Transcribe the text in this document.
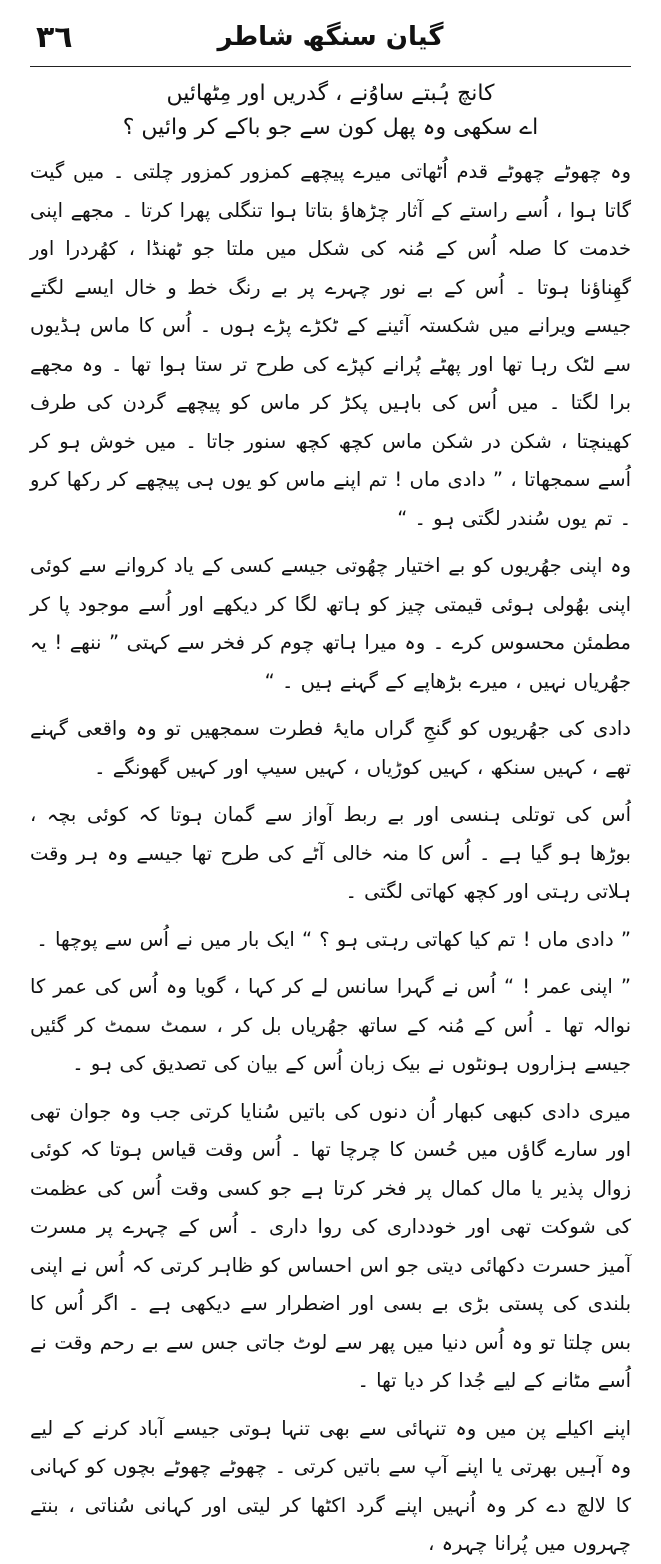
٣٦	گیان سنگھ شاطر

کانچ ہُبتے ساوُنے ، گدریں اور مِٹھائیں

اے سکھی وہ پھل کون سے جو باکے کر وائیں ؟

وہ چھوٹے چھوٹے قدم اُٹھاتی میرے پیچھے کمزور کمزور چلتی ۔ میں گیت گاتا ہوا ، اُسے راستے کے آثار چڑھاؤ بتاتا ہوا تنگلی پھرا کرتا ۔ مجھے اپنی خدمت کا صلہ اُس کے مُنہ کی شکل میں ملتا جو ٹھنڈا ، کھُردرا اور گھِناؤنا ہوتا ۔ اُس کے بے نور چہرے پر بے رنگ خط و خال ایسے لگتے جیسے ویرانے میں شکستہ آئینے کے ٹکڑے پڑے ہوں ۔ اُس کا ماس ہڈیوں سے لٹک رہا تھا اور پھٹے پُرانے کپڑے کی طرح تر ستا ہوا تھا ۔ وہ مجھے برا لگتا ۔ میں اُس کی باہیں پکڑ کر ماس کو پیچھے گردن کی طرف کھینچتا ، شکن در شکن ماس کچھ کچھ سنور جاتا ۔ میں خوش ہو کر اُسے سمجھاتا ، ” دادی ماں ! تم اپنے ماس کو یوں ہی پیچھے کر رکھا کرو ۔ تم یوں سُندر لگتی ہو ۔ “

وہ اپنی جھُریوں کو بے اختیار چھُوتی جیسے کسی کے یاد کروانے سے کوئی اپنی بھُولی ہوئی قیمتی چیز کو ہاتھ لگا کر دیکھے اور اُسے موجود پا کر مطمئن محسوس کرے ۔ وہ میرا ہاتھ چوم کر فخر سے کہتی ” ننھے ! یہ جھُریاں نہیں ، میرے بڑھاپے کے گہنے ہیں ۔ “

دادی کی جھُریوں کو گنجِ گراں مایۂ فطرت سمجھیں تو وہ واقعی گہنے تھے ، کہیں سنکھ ، کہیں کوڑیاں ، کہیں سیپ اور کہیں گھونگے ۔

اُس کی توتلی ہنسی اور بے ربط آواز سے گمان ہوتا کہ کوئی بچہ ، بوڑھا ہو گیا ہے ۔ اُس کا منہ خالی آٹے کی طرح تھا جیسے وہ ہر وقت ہلاتی رہتی اور کچھ کھاتی لگتی ۔

” دادی ماں ! تم کیا کھاتی رہتی ہو ؟ “ ایک بار میں نے اُس سے پوچھا ۔

” اپنی عمر ! “ اُس نے گہرا سانس لے کر کہا ، گویا وہ اُس کی عمر کا نوالہ تھا ۔ اُس کے مُنہ کے ساتھ جھُریاں بل کر ، سمٹ سمٹ کر گئیں جیسے ہزاروں ہونٹوں نے بیک زبان اُس کے بیان کی تصدیق کی ہو ۔

میری دادی کبھی کبھار اُن دنوں کی باتیں سُنایا کرتی جب وہ جوان تھی اور سارے گاؤں میں حُسن کا چرچا تھا ۔ اُس وقت قیاس ہوتا کہ کوئی زوال پذیر یا مال کمال پر فخر کرتا ہے جو کسی وقت اُس کی عظمت کی شوکت تھی اور خودداری کی روا داری ۔ اُس کے چہرے پر مسرت آمیز حسرت دکھائی دیتی جو اس احساس کو ظاہر کرتی کہ اُس نے اپنی بلندی کی پستی بڑی بے بسی اور اضطرار سے دیکھی ہے ۔ اگر اُس کا بس چلتا تو وہ اُس دنیا میں پھر سے لوٹ جاتی جس سے بے رحم وقت نے اُسے مٹانے کے لیے جُدا کر دیا تھا ۔

اپنے اکیلے پن میں وہ تنہائی سے بھی تنہا ہوتی جیسے آباد کرنے کے لیے وہ آہیں بھرتی یا اپنے آپ سے باتیں کرتی ۔ چھوٹے چھوٹے بچوں کو کہانی کا لالچ دے کر وہ اُنہیں اپنے گرد اکٹھا کر لیتی اور کہانی سُناتی ، بنتے چہروں میں پُرانا چہرہ ،
